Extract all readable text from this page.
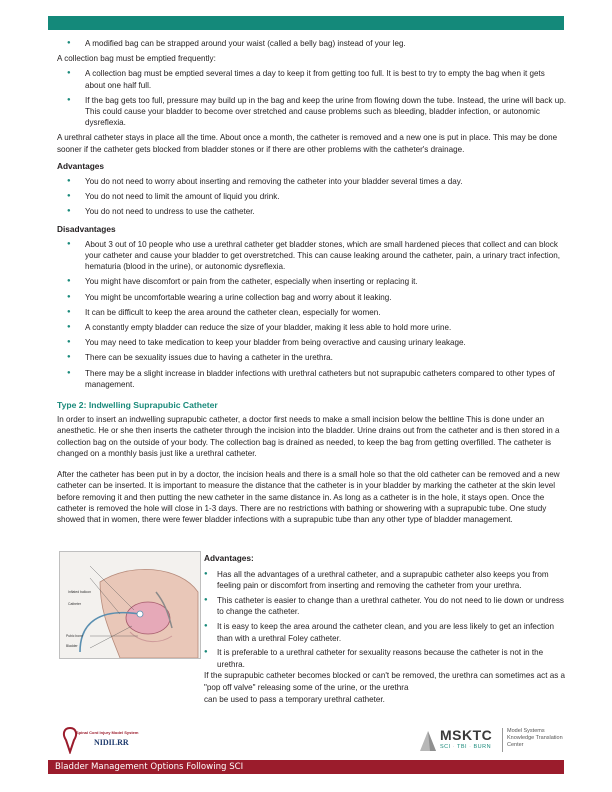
● A modified bag can be strapped around your waist (called a belly bag) instead of your leg.

A collection bag must be emptied frequently:

● A collection bag must be emptied several times a day to keep it from getting too full. It is best to try to empty the bag when it gets about one half full.
● If the bag gets too full, pressure may build up in the bag and keep the urine from flowing down the tube. Instead, the urine will back up. This could cause your bladder to become over stretched and cause problems such as bleeding, bladder infection, or autonomic dysreflexia.

A urethral catheter stays in place all the time. About once a month, the catheter is removed and a new one is put in place. This may be done sooner if the catheter gets blocked from bladder stones or if there are other problems with the catheter's drainage.

Advantages
● You do not need to worry about inserting and removing the catheter into your bladder several times a day.
● You do not need to limit the amount of liquid you drink.
● You do not need to undress to use the catheter.
Disadvantages
● About 3 out of 10 people who use a urethral catheter get bladder stones, which are small hardened pieces that collect and can block your catheter and cause your bladder to get overstretched. This can cause leaking around the catheter, pain, a urinary tract infection, hematuria (blood in the urine), or autonomic dysreflexia.
● You might have discomfort or pain from the catheter, especially when inserting or replacing it.
● You might be uncomfortable wearing a urine collection bag and worry about it leaking.
● It can be difficult to keep the area around the catheter clean, especially for women.
● A constantly empty bladder can reduce the size of your bladder, making it less able to hold more urine.
● You may need to take medication to keep your bladder from being overactive and causing urinary leakage.
● There can be sexuality issues due to having a catheter in the urethra.
● There may be a slight increase in bladder infections with urethral catheters but not suprapubic catheters compared to other types of management.
Type 2: Indwelling Suprapubic Catheter

In order to insert an indwelling suprapubic catheter, a doctor first needs to make a small incision below the beltline This is done under an anesthetic. He or she then inserts the catheter through the incision into the bladder. Urine drains out from the catheter and is then stored in a collection bag on the outside of your body. The collection bag is drained as needed, to keep the bag from getting overfilled. The catheter is changed on a monthly basis just like a urethral catheter.

After the catheter has been put in by a doctor, the incision heals and there is a small hole so that the old catheter can be removed and a new catheter can be inserted. It is important to measure the distance that the catheter is in your bladder by marking the catheter at the skin level before removing it and then putting the new catheter in the same distance in. As long as a catheter is in the hole, it stays open. Once the catheter is removed the hole will close in 1-3 days. There are no restrictions with bathing or showering with a suprapubic tube. One study showed that in women, there were fewer bladder infections with a suprapubic tube than any other type of bladder management.

Inflated balloon
Catheter
Pubic bone
Bladder
Advantages:
● Has all the advantages of a urethral catheter, and a suprapubic catheter also keeps you from feeling pain or discomfort from inserting and removing the catheter from your urethra.
● This catheter is easier to change than a urethral catheter. You do not need to lie down or undress to change the catheter.
● It is easy to keep the area around the catheter clean, and you are less likely to get an infection than with a urethral Foley catheter.
● It is preferable to a urethral catheter for sexuality reasons because the catheter is not in the urethra.
If the suprapubic catheter becomes blocked or can't be removed, the urethra can sometimes act as a
"pop off valve" releasing some of the urine, or the urethra
can be used to pass a temporary urethral catheter.
Spinal Cord Injury Model System
NIDILRR	MSKTC
SCI · TBI · BURN
Model Systems
Knowledge Translation
Center
Bladder Management Options Following SCI
